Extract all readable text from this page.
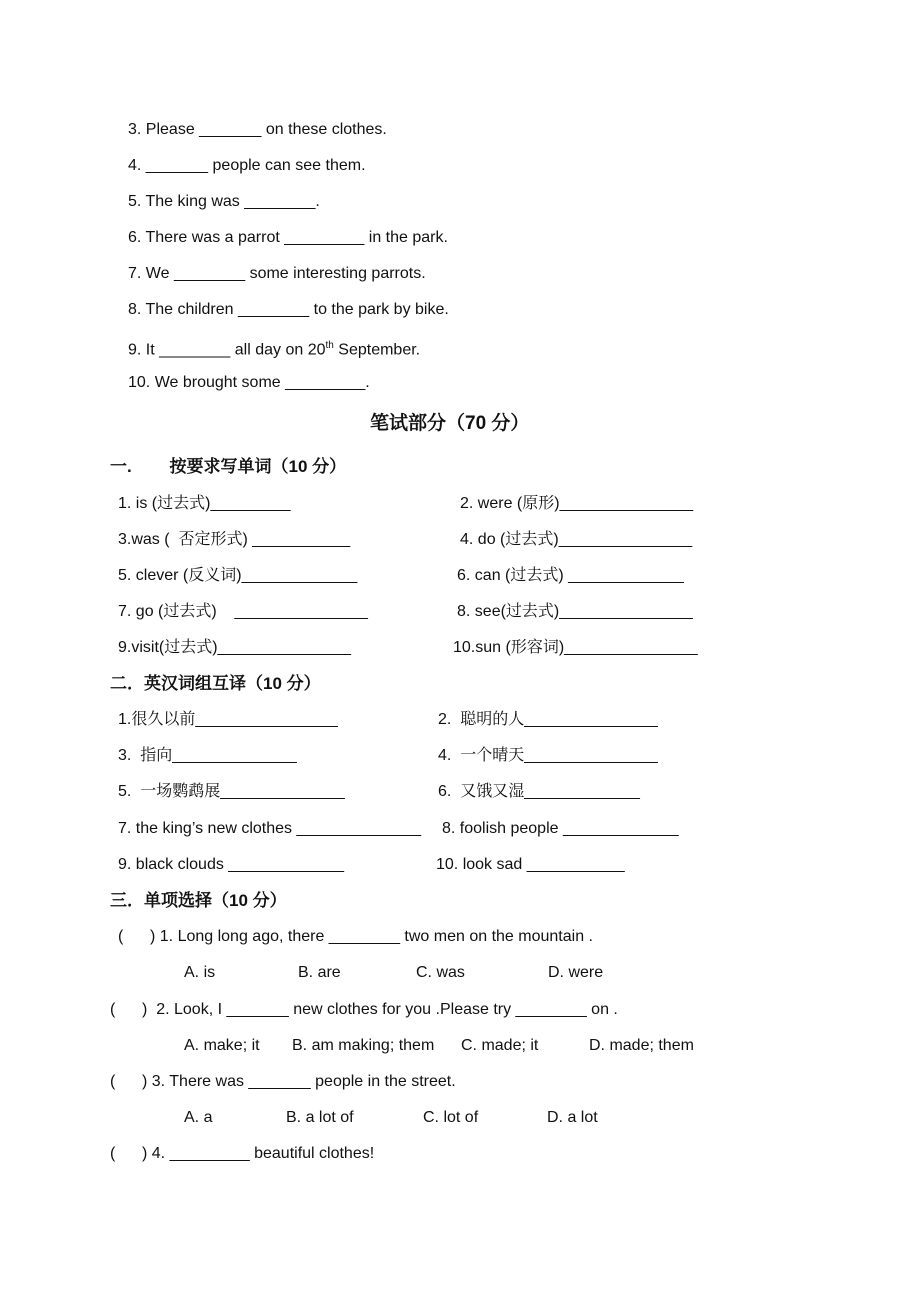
3. Please _______ on these clothes.
4. _______ people can see them.
5. The king was ________.
6. There was a parrot _________ in the park.
7. We ________ some interesting parrots.
8. The children ________ to the park by bike.
9. It ________ all day on 20th September.
10. We brought some _________.
笔试部分（70 分）
一.        按要求写单词（10 分）
1. is (过去式)_________	2. were (原形)_______________
3.was (  否定形式) ___________	4. do (过去式)_______________
5. clever (反义词)_____________	6. can (过去式) _____________
7. go (过去式)    _______________	8. see(过去式)_______________
9.visit(过去式)_______________	10.sun (形容词)_______________
二．英汉词组互译（10 分）
1.很久以前________________	2.  聪明的人_______________
3.  指向______________	4.  一个晴天_______________
5.  一场鹦鹉展______________	6.  又饿又湿_____________
7. the king’s new clothes ______________ 8. foolish people _____________
9. black clouds _____________	10. look sad ___________
三．单项选择（10 分）
(      ) 1. Long long ago, there ________ two men on the mountain .
A. is	B. are	C. was	D. were
(      )  2. Look, I _______ new clothes for you .Please try ________ on .
A. make; it B. am making; them C. made; it	D. made; them
(      ) 3. There was _______ people in the street.
A. a	B. a lot of	C. lot of	D. a lot
(      ) 4. _________ beautiful clothes!
